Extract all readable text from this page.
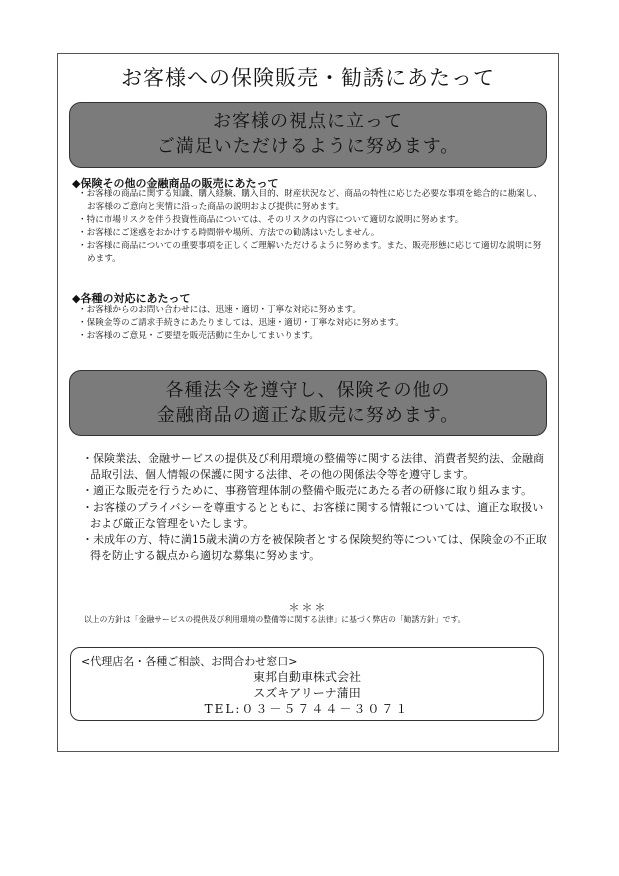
お客様への保険販売・勧誘にあたって
お客様の視点に立って
ご満足いただけるように努めます。
◆保険その他の金融商品の販売にあたって
・お客様の商品に関する知識、購入経験、購入目的、財産状況など、商品の特性に応じた必要な事項を総合的に勘案し、お客様のご意向と実情に沿った商品の説明および提供に努めます。
・特に市場リスクを伴う投資性商品については、そのリスクの内容について適切な説明に努めます。
・お客様にご迷惑をおかけする時間帯や場所、方法での勧誘はいたしません。
・お客様に商品についての重要事項を正しくご理解いただけるように努めます。また、販売形態に応じて適切な説明に努めます。
◆各種の対応にあたって
・お客様からのお問い合わせには、迅速・適切・丁寧な対応に努めます。
・保険金等のご請求手続きにあたりましては、迅速・適切・丁寧な対応に努めます。
・お客様のご意見・ご要望を販売活動に生かしてまいります。
各種法令を遵守し、保険その他の
金融商品の適正な販売に努めます。
・保険業法、金融サービスの提供及び利用環境の整備等に関する法律、消費者契約法、金融商品取引法、個人情報の保護に関する法律、その他の関係法令等を遵守します。
・適正な販売を行うために、事務管理体制の整備や販売にあたる者の研修に取り組みます。
・お客様のプライバシーを尊重するとともに、お客様に関する情報については、適正な取扱いおよび厳正な管理をいたします。
・未成年の方、特に満15歳未満の方を被保険者とする保険契約等については、保険金の不正取得を防止する観点から適切な募集に努めます。
＊＊＊
以上の方針は「金融サービスの提供及び利用環境の整備等に関する法律」に基づく弊店の「勧誘方針」です。
<代理店名・各種ご相談、お問合わせ窓口>
東邦自動車株式会社
スズキアリーナ蒲田
TEL:０３－５７４４－３０７１
